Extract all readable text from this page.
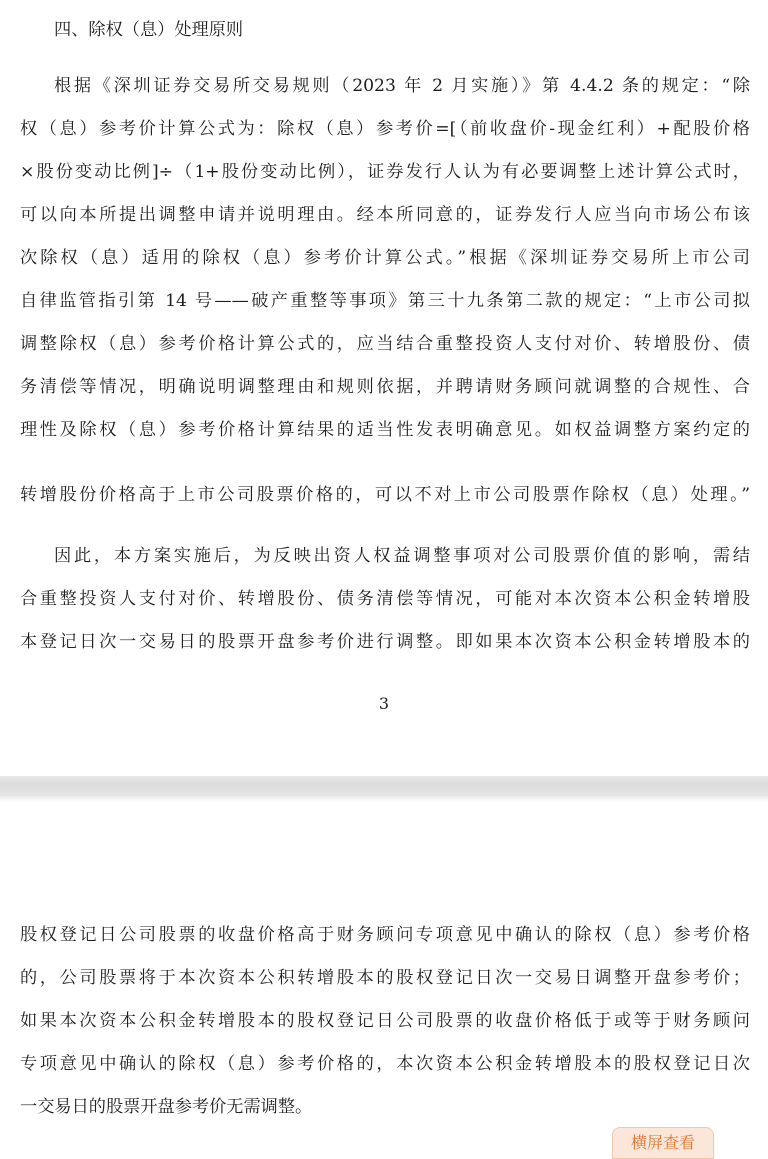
四、除权（息）处理原则
根据《深圳证券交易所交易规则（2023 年 2 月实施）》第 4.4.2 条的规定：“除
权（息）参考价计算公式为：除权（息）参考价=[（前收盘价-现金红利）+配股价格
×股份变动比例]÷（1+股份变动比例），证券发行人认为有必要调整上述计算公式时，
可以向本所提出调整申请并说明理由。经本所同意的，证券发行人应当向市场公布该
次除权（息）适用的除权（息）参考价计算公式。”根据《深圳证券交易所上市公司
自律监管指引第 14 号——破产重整等事项》第三十九条第二款的规定：“上市公司拟
调整除权（息）参考价格计算公式的，应当结合重整投资人支付对价、转增股份、债
务清偿等情况，明确说明调整理由和规则依据，并聘请财务顾问就调整的合规性、合
理性及除权（息）参考价格计算结果的适当性发表明确意见。如权益调整方案约定的
转增股份价格高于上市公司股票价格的，可以不对上市公司股票作除权（息）处理。”
因此，本方案实施后，为反映出资人权益调整事项对公司股票价值的影响，需结
合重整投资人支付对价、转增股份、债务清偿等情况，可能对本次资本公积金转增股
本登记日次一交易日的股票开盘参考价进行调整。即如果本次资本公积金转增股本的
3
股权登记日公司股票的收盘价格高于财务顾问专项意见中确认的除权（息）参考价格
的，公司股票将于本次资本公积转增股本的股权登记日次一交易日调整开盘参考价；
如果本次资本公积金转增股本的股权登记日公司股票的收盘价格低于或等于财务顾问
专项意见中确认的除权（息）参考价格的，本次资本公积金转增股本的股权登记日次
一交易日的股票开盘参考价无需调整。
横屏查看
